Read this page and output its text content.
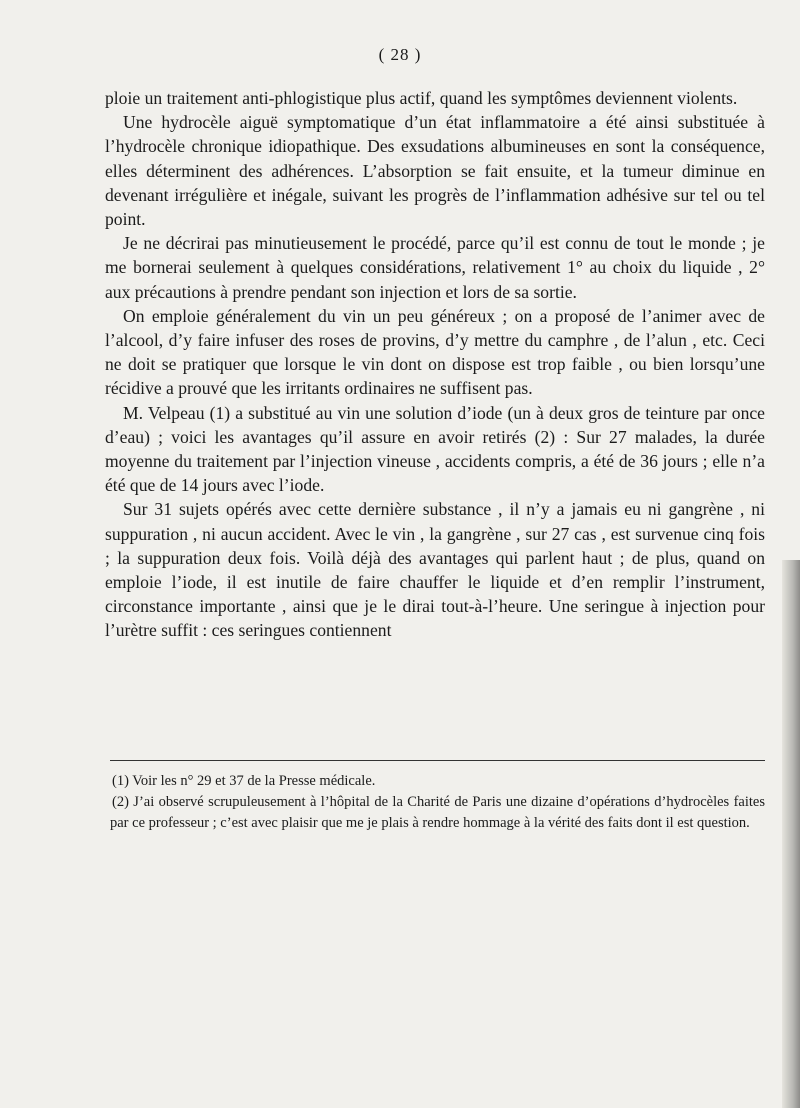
( 28 )

ploie un traitement anti-phlogistique plus actif, quand les symptômes deviennent violents.

Une hydrocèle aiguë symptomatique d’un état inflammatoire a été ainsi substituée à l’hydrocèle chronique idiopathique. Des exsudations albumineuses en sont la conséquence, elles déterminent des adhérences. L’absorption se fait ensuite, et la tumeur diminue en devenant irrégulière et inégale, suivant les progrès de l’inflammation adhésive sur tel ou tel point.

Je ne décrirai pas minutieusement le procédé, parce qu’il est connu de tout le monde ; je me bornerai seulement à quelques considérations, relativement 1° au choix du liquide , 2° aux précautions à prendre pendant son injection et lors de sa sortie.

On emploie généralement du vin un peu généreux ; on a proposé de l’animer avec de l’alcool, d’y faire infuser des roses de provins, d’y mettre du camphre , de l’alun , etc. Ceci ne doit se pratiquer que lorsque le vin dont on dispose est trop faible , ou bien lorsqu’une récidive a prouvé que les irritants ordinaires ne suffisent pas.

M. Velpeau (1) a substitué au vin une solution d’iode (un à deux gros de teinture par once d’eau) ; voici les avantages qu’il assure en avoir retirés (2) : Sur 27 malades, la durée moyenne du traitement par l’injection vineuse , accidents compris, a été de 36 jours ; elle n’a été que de 14 jours avec l’iode.

Sur 31 sujets opérés avec cette dernière substance , il n’y a jamais eu ni gangrène , ni suppuration , ni aucun accident. Avec le vin , la gangrène , sur 27 cas , est survenue cinq fois ; la suppuration deux fois. Voilà déjà des avantages qui parlent haut ; de plus, quand on emploie l’iode, il est inutile de faire chauffer le liquide et d’en remplir l’instrument, circonstance importante , ainsi que je le dirai tout-à-l’heure. Une seringue à injection pour l’urètre suffit : ces seringues contiennent

(1) Voir les n° 29 et 37 de la Presse médicale.

(2) J’ai observé scrupuleusement à l’hôpital de la Charité de Paris une dizaine d’opérations d’hydrocèles faites par ce professeur ; c’est avec plaisir que me je plais à rendre hommage à la vérité des faits dont il est question.
